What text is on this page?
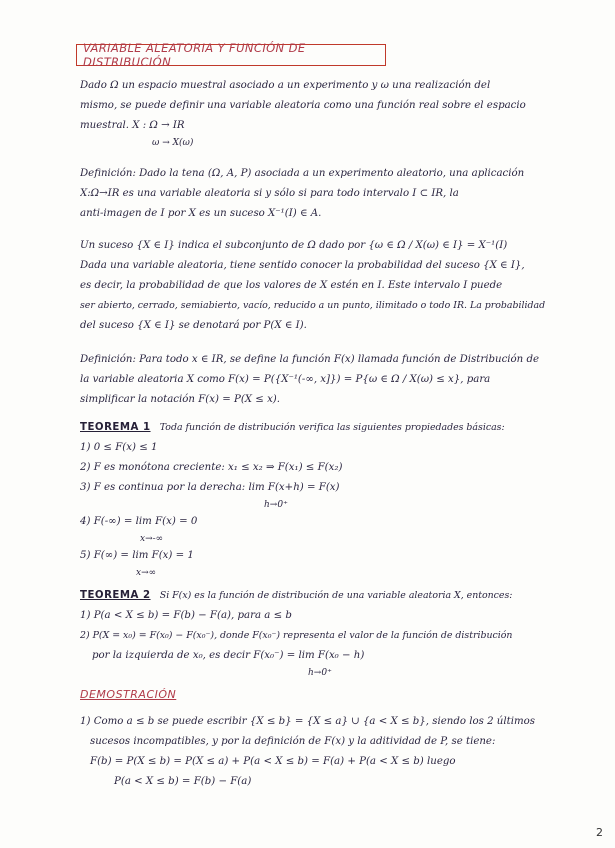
VARIABLE ALEATORIA Y FUNCIÓN DE DISTRIBUCIÓN
Dado Ω un espacio muestral asociado a un experimento y ω una realización del
mismo, se puede definir una variable aleatoria como una función real sobre el espacio
muestral. X : Ω → IR
ω → X(ω)
Definición: Dado la tena (Ω, A, P) asociada a un experimento aleatorio, una aplicación
X:Ω→IR es una variable aleatoria si y sólo si para todo intervalo I ⊂ IR, la
anti-imagen de I por X es un suceso X⁻¹(I) ∈ A.
Un suceso {X ∈ I} indica el subconjunto de Ω dado por {ω ∈ Ω / X(ω) ∈ I} = X⁻¹(I)
Dada una variable aleatoria, tiene sentido conocer la probabilidad del suceso {X ∈ I},
es decir, la probabilidad de que los valores de X estén en I. Este intervalo I puede
ser abierto, cerrado, semiabierto, vacío, reducido a un punto, ilimitado o todo IR. La probabilidad
del suceso {X ∈ I} se denotará por P(X ∈ I).
Definición: Para todo x ∈ IR, se define la función F(x) llamada función de Distribución de
la variable aleatoria X como F(x) = P({X⁻¹(-∞, x]}) = P{ω ∈ Ω / X(ω) ≤ x}, para
simplificar la notación F(x) = P(X ≤ x).
TEOREMA 1 Toda función de distribución verifica las siguientes propiedades básicas:
1) 0 ≤ F(x) ≤ 1
2) F es monótona creciente: x₁ ≤ x₂ ⇒ F(x₁) ≤ F(x₂)
3) F es continua por la derecha: lim F(x+h) = F(x)
h→0⁺
4) F(-∞) = lim F(x) = 0
x→-∞
5) F(∞) = lim F(x) = 1
x→∞
TEOREMA 2 Si F(x) es la función de distribución de una variable aleatoria X, entonces:
1) P(a < X ≤ b) = F(b) − F(a), para a ≤ b
2) P(X = x₀) = F(x₀) − F(x₀⁻), donde F(x₀⁻) representa el valor de la función de distribución
por la izquierda de x₀, es decir F(x₀⁻) = lim F(x₀ − h)
h→0⁺
DEMOSTRACIÓN
1) Como a ≤ b se puede escribir {X ≤ b} = {X ≤ a} ∪ {a < X ≤ b}, siendo los 2 últimos
sucesos incompatibles, y por la definición de F(x) y la aditividad de P, se tiene:
F(b) = P(X ≤ b) = P(X ≤ a) + P(a < X ≤ b) = F(a) + P(a < X ≤ b) luego
P(a < X ≤ b) = F(b) − F(a)
2
